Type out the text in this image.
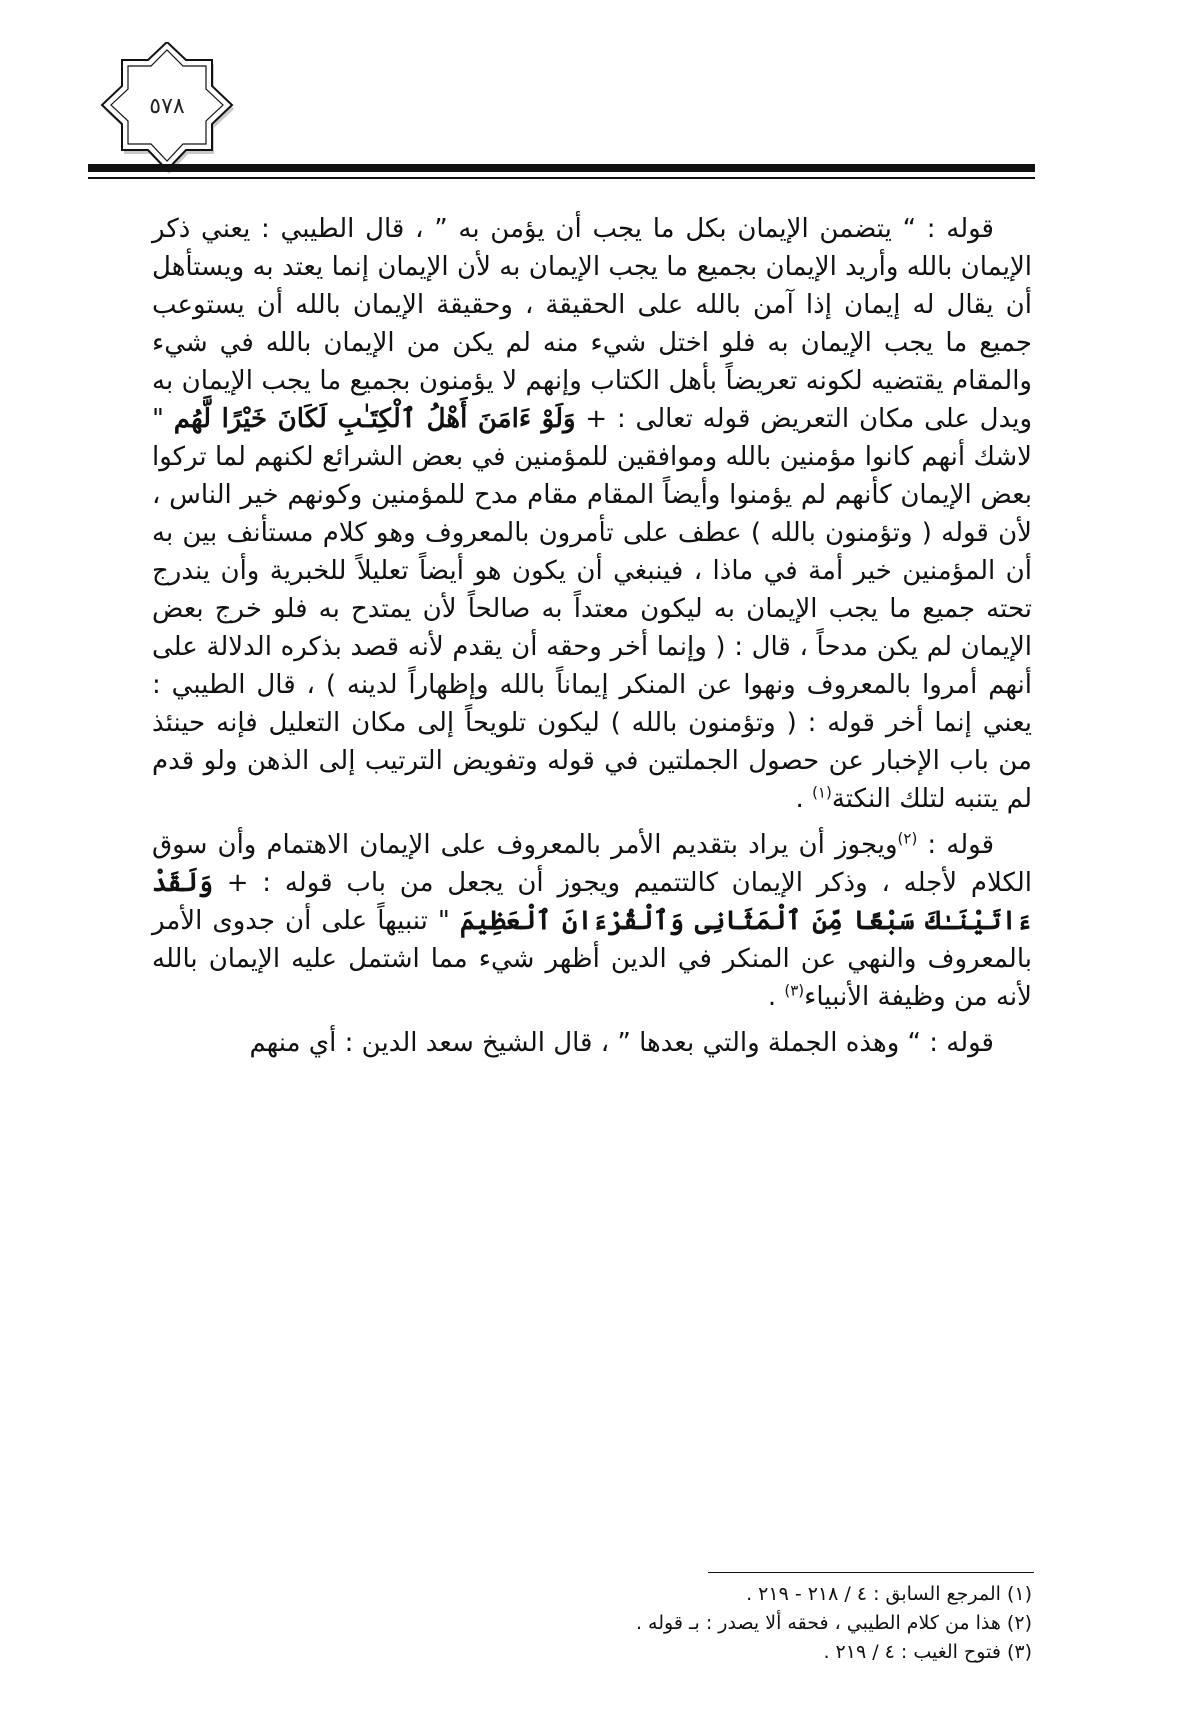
٥٧٨

قوله : “ يتضمن الإيمان بكل ما يجب أن يؤمن به ” ، قال الطيبي : يعني ذكر الإيمان بالله وأريد الإيمان بجميع ما يجب الإيمان به لأن الإيمان إنما يعتد به ويستأهل أن يقال له إيمان إذا آمن بالله على الحقيقة ، وحقيقة الإيمان بالله أن يستوعب جميع ما يجب الإيمان به فلو اختل شيء منه لم يكن من الإيمان بالله في شيء والمقام يقتضيه لكونه تعريضاً بأهل الكتاب وإنهم لا يؤمنون بجميع ما يجب الإيمان به ويدل على مكان التعريض قوله تعالى : + وَلَوْ ءَامَنَ أَهْلُ ٱلْكِتَـٰبِ لَكَانَ خَيْرًا لَّهُم " لاشك أنهم كانوا مؤمنين بالله وموافقين للمؤمنين في بعض الشرائع لكنهم لما تركوا بعض الإيمان كأنهم لم يؤمنوا وأيضاً المقام مقام مدح للمؤمنين وكونهم خير الناس ، لأن قوله ( وتؤمنون بالله ) عطف على تأمرون بالمعروف وهو كلام مستأنف بين به أن المؤمنين خير أمة في ماذا ، فينبغي أن يكون هو أيضاً تعليلاً للخبرية وأن يندرج تحته جميع ما يجب الإيمان به ليكون معتداً به صالحاً لأن يمتدح به فلو خرج بعض الإيمان لم يكن مدحاً ، قال : ( وإنما أخر وحقه أن يقدم لأنه قصد بذكره الدلالة على أنهم أمروا بالمعروف ونهوا عن المنكر إيماناً بالله وإظهاراً لدينه ) ، قال الطيبي : يعني إنما أخر قوله : ( وتؤمنون بالله ) ليكون تلويحاً إلى مكان التعليل فإنه حينئذ من باب الإخبار عن حصول الجملتين في قوله وتفويض الترتيب إلى الذهن ولو قدم لم يتنبه لتلك النكتة$^{(١)}$ .

قوله : $^{(٢)}$ويجوز أن يراد بتقديم الأمر بالمعروف على الإيمان الاهتمام وأن سوق الكلام لأجله ، وذكر الإيمان كالتتميم ويجوز أن يجعل من باب قوله : + وَلَقَدْ ءَاتَيْنَـٰكَ سَبْعًا مِّنَ ٱلْمَثَانِى وَٱلْقُرْءَانَ ٱلْعَظِيمَ " تنبيهاً على أن جدوى الأمر بالمعروف والنهي عن المنكر في الدين أظهر شيء مما اشتمل عليه الإيمان بالله لأنه من وظيفة الأنبياء$^{(٣)}$ .

قوله : “ وهذه الجملة والتي بعدها ” ، قال الشيخ سعد الدين : أي منهم

(١) المرجع السابق : ٤ / ٢١٨ - ٢١٩ .

(٢) هذا من كلام الطيبي ، فحقه ألا يصدر : بـ قوله .

(٣) فتوح الغيب : ٤ / ٢١٩ .
